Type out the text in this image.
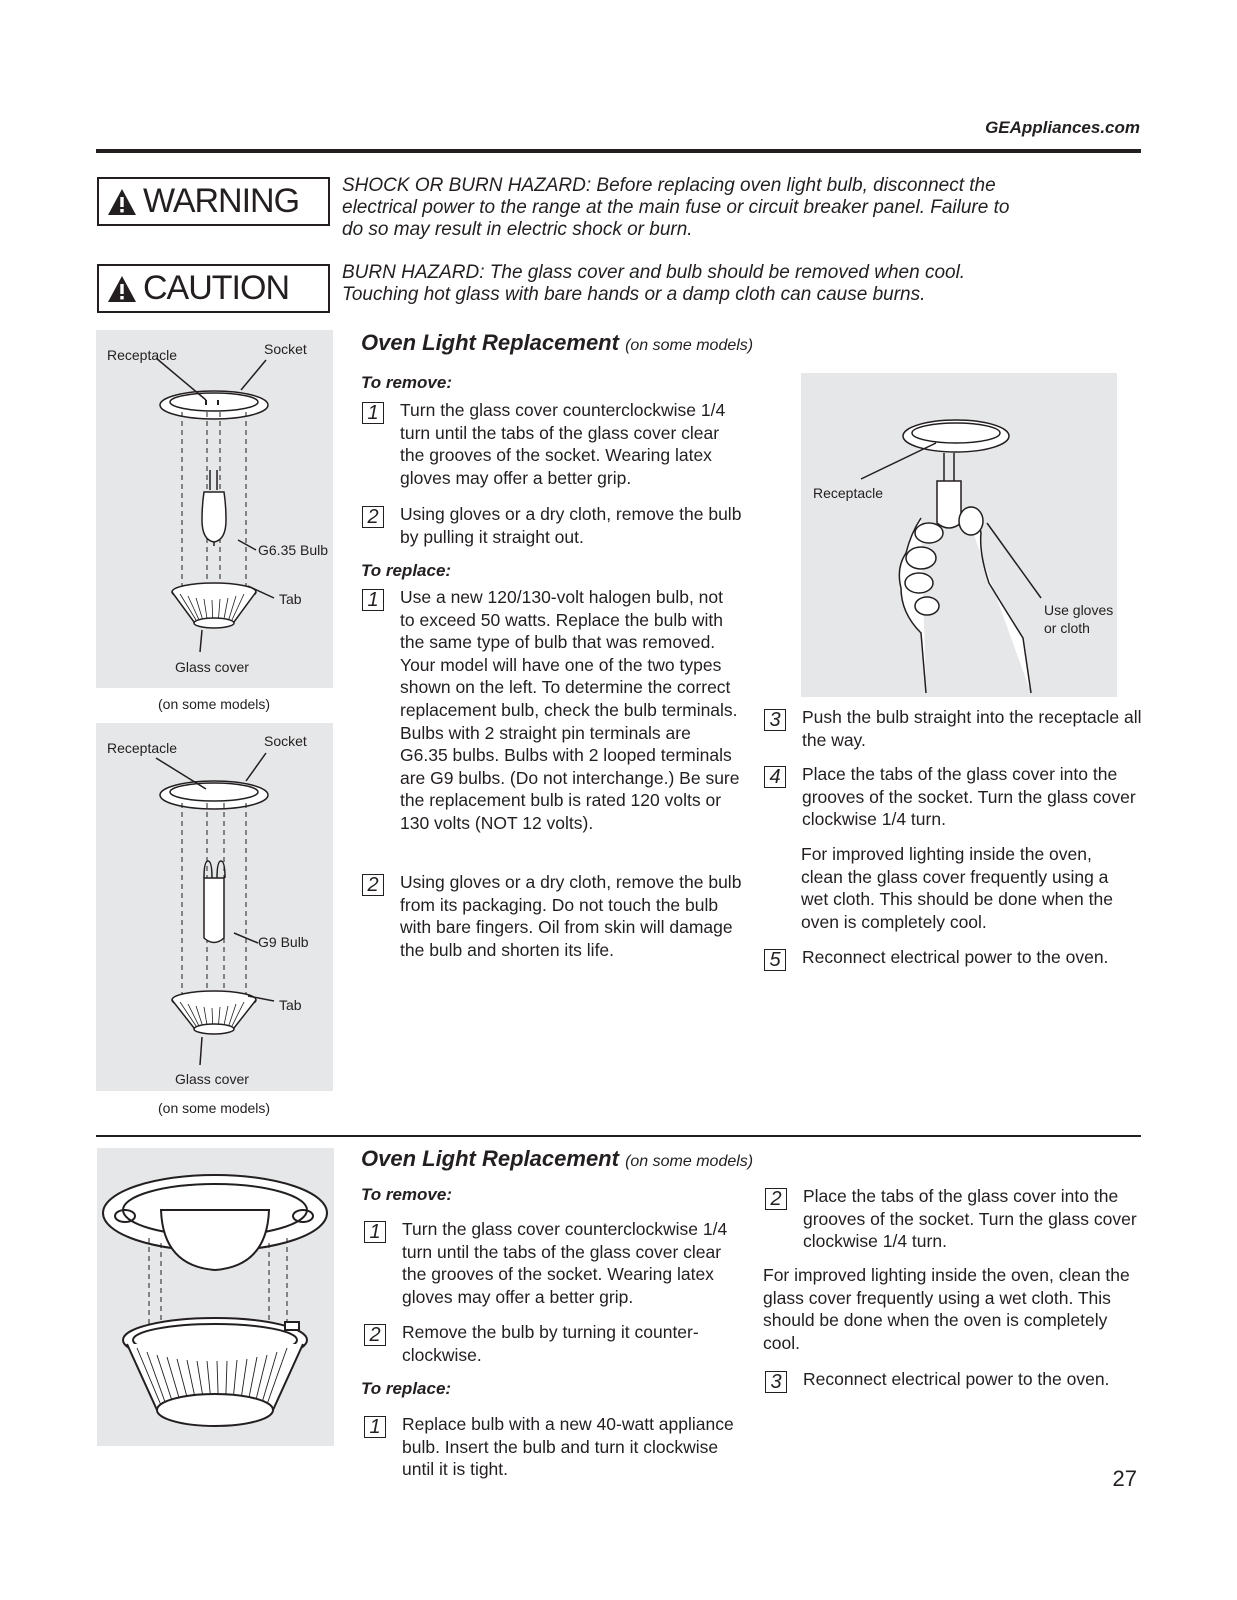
GEAppliances.com
WARNING SHOCK OR BURN HAZARD: Before replacing oven light bulb, disconnect the electrical power to the range at the main fuse or circuit breaker panel. Failure to do so may result in electric shock or burn.
CAUTION	BURN HAZARD: The glass cover and bulb should be removed when cool. Touching hot glass with bare hands or a damp cloth can cause burns.
Receptacle	Socket
G6.35 Bulb
Tab
Glass cover
(on some models)
Receptacle	Socket
G9 Bulb
Tab
Glass cover
(on some models)
Oven Light Replacement (on some models)
To remove:
1	Turn the glass cover counterclockwise 1/4 turn until the tabs of the glass cover clear the grooves of the socket. Wearing latex gloves may offer a better grip.
2	Using gloves or a dry cloth, remove the bulb by pulling it straight out.
To replace:
1	Use a new 120/130-volt halogen bulb, not to exceed 50 watts. Replace the bulb with the same type of bulb that was removed. Your model will have one of the two types shown on the left. To determine the correct replacement bulb, check the bulb terminals. Bulbs with 2 straight pin terminals are G6.35 bulbs. Bulbs with 2 looped terminals are G9 bulbs. (Do not interchange.) Be sure the replacement bulb is rated 120 volts or 130 volts (NOT 12 volts).
2	Using gloves or a dry cloth, remove the bulb from its packaging. Do not touch the bulb with bare fingers. Oil from skin will damage the bulb and shorten its life.
Receptacle
Use gloves or cloth
3	Push the bulb straight into the receptacle all the way.
4	Place the tabs of the glass cover into the grooves of the socket. Turn the glass cover clockwise 1/4 turn.
For improved lighting inside the oven, clean the glass cover frequently using a wet cloth. This should be done when the oven is completely cool.
5	Reconnect electrical power to the oven.
Oven Light Replacement (on some models)
To remove:
1	Turn the glass cover counterclockwise 1/4 turn until the tabs of the glass cover clear the grooves of the socket. Wearing latex gloves may offer a better grip.
2	Remove the bulb by turning it counter-clockwise.
To replace:
1	Replace bulb with a new 40-watt appliance bulb. Insert the bulb and turn it clockwise until it is tight.
2	Place the tabs of the glass cover into the grooves of the socket. Turn the glass cover clockwise 1/4 turn.
For improved lighting inside the oven, clean the glass cover frequently using a wet cloth. This should be done when the oven is completely cool.
3	Reconnect electrical power to the oven.
27
